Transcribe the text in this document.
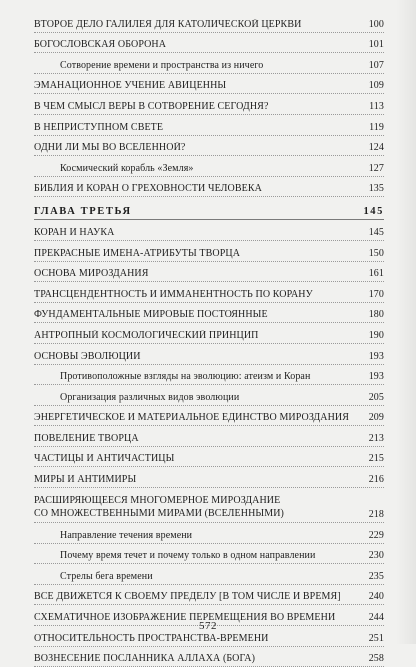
ВТОРОЕ ДЕЛО ГАЛИЛЕЯ ДЛЯ КАТОЛИЧЕСКОЙ ЦЕРКВИ	100
БОГОСЛОВСКАЯ ОБОРОНА	101
Сотворение времени и пространства из ничего	107
ЭМАНАЦИОННОЕ УЧЕНИЕ АВИЦЕННЫ	109
В ЧЕМ СМЫСЛ ВЕРЫ В СОТВОРЕНИЕ СЕГОДНЯ?	113
В НЕПРИСТУПНОМ СВЕТЕ	119
ОДНИ ЛИ МЫ ВО ВСЕЛЕННОЙ?	124
Космический корабль «Земля»	127
БИБЛИЯ И КОРАН О ГРЕХОВНОСТИ ЧЕЛОВЕКА	135
ГЛАВА ТРЕТЬЯ	145
КОРАН И НАУКА	145
ПРЕКРАСНЫЕ ИМЕНА-АТРИБУТЫ ТВОРЦА	150
ОСНОВА МИРОЗДАНИЯ	161
ТРАНСЦЕНДЕНТНОСТЬ И ИММАНЕНТНОСТЬ ПО КОРАНУ	170
ФУНДАМЕНТАЛЬНЫЕ МИРОВЫЕ ПОСТОЯННЫЕ	180
АНТРОПНЫЙ КОСМОЛОГИЧЕСКИЙ ПРИНЦИП	190
ОСНОВЫ ЭВОЛЮЦИИ	193
Противоположные взгляды на эволюцию: атеизм и Коран	193
Организация различных видов эволюции	205
ЭНЕРГЕТИЧЕСКОЕ И МАТЕРИАЛЬНОЕ ЕДИНСТВО МИРОЗДАНИЯ	209
ПОВЕЛЕНИЕ ТВОРЦА	213
ЧАСТИЦЫ И АНТИЧАСТИЦЫ	215
МИРЫ И АНТИМИРЫ	216
РАСШИРЯЮЩЕЕСЯ МНОГОМЕРНОЕ МИРОЗДАНИЕ
СО МНОЖЕСТВЕННЫМИ МИРАМИ (ВСЕЛЕННЫМИ)	218
Направление течения времени	229
Почему время течет и почему только в одном направлении	230
Стрелы бега времени	235
ВСЕ ДВИЖЕТСЯ К СВОЕМУ ПРЕДЕЛУ [В ТОМ ЧИСЛЕ И ВРЕМЯ]	240
СХЕМАТИЧНОЕ ИЗОБРАЖЕНИЕ ПЕРЕМЕЩЕНИЯ ВО ВРЕМЕНИ	244
ОТНОСИТЕЛЬНОСТЬ ПРОСТРАНСТВА-ВРЕМЕНИ	251
ВОЗНЕСЕНИЕ ПОСЛАННИКА АЛЛАХА (БОГА)	258
572
